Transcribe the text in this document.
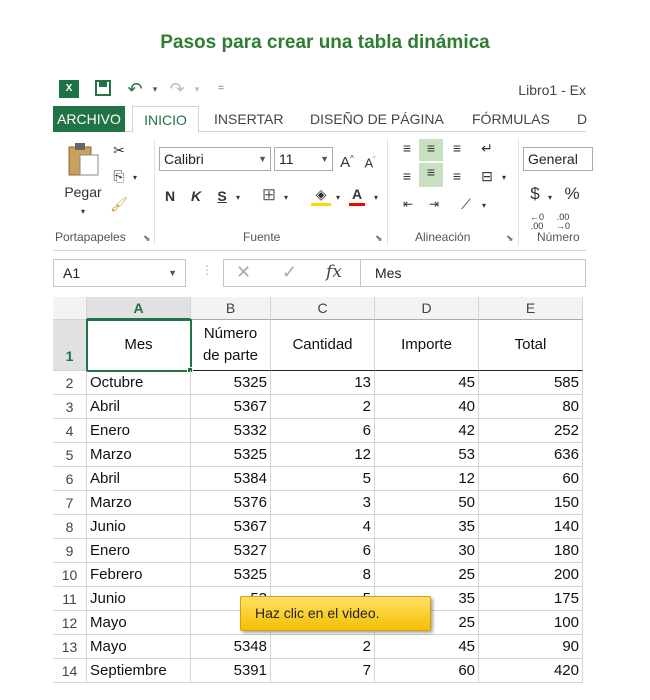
Pasos para crear una tabla dinámica
X	↶	▾ ↷	▾	=	Libro1 - Ex
ARCHIVO	INICIO	INSERTAR DISEÑO DE PÁGINA FÓRMULAS D
Pegar
▾
✂
⎘	▾
🖌
Portapapeles ⬊
Calibri	▼ 11	▼ A^ $A^ˇ$
N K S	▾ ⊞ ▾	◈	▾ A	▾
Fuente	⬊
≡	≡	≡	↵
≡	≡	≡	⊟	▾
⇤	⇥	⟋	▾
Alineación	⬊
General
$	▾ %
←0
.00
.00
→0
Número
A1	▼ ⋮ ✕ ✓ fx	Mes
A	B	C	D	E
1
Mes
Número de parte
Cantidad	Importe	Total
2	Octubre	5325	13	45	585
3	Abril	5367	2	40	80
4	Enero	5332	6	42	252
5	Marzo	5325	12	53	636
6	Abril	5384	5	12	60
7	Marzo	5376	3	50	150
8	Junio	5367	4	35	140
9	Enero	5327	6	30	180
10 Febrero	5325	8	25	200
11 Junio	35	175
12 Mayo	25	100
13 Mayo	5348	2	45	90
14 Septiembre	5391	7	60	420
Haz clic en el video.
